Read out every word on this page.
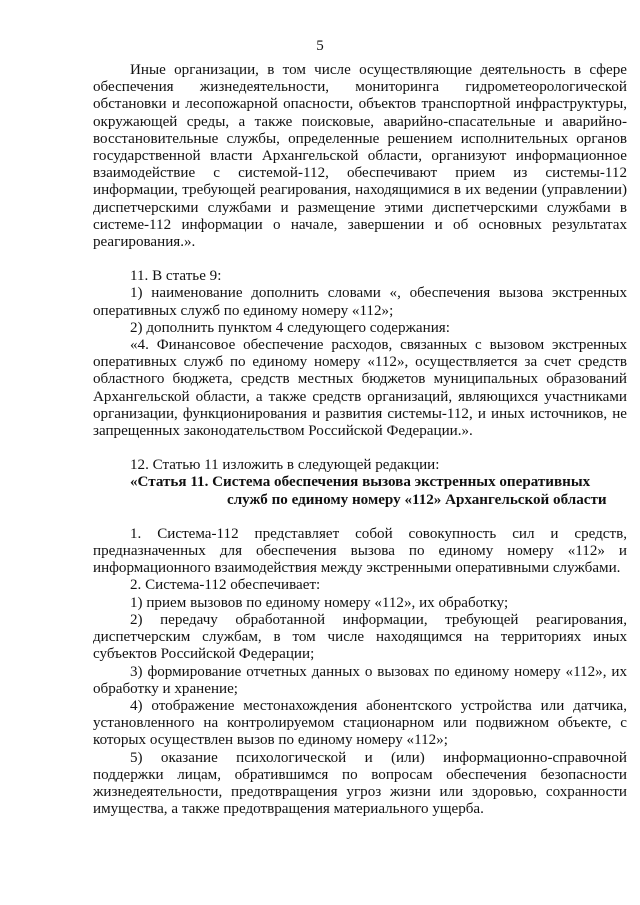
5

Иные организации, в том числе осуществляющие деятельность в сфере обеспечения жизнедеятельности, мониторинга гидрометеорологической обстановки и лесопожарной опасности, объектов транспортной инфраструктуры, окружающей среды, а также поисковые, аварийно-спасательные и аварийно-восстановительные службы, определенные решением исполнительных органов государственной власти Архангельской области, организуют информационное взаимодействие с системой-112, обеспечивают прием из системы-112 информации, требующей реагирования, находящимися в их ведении (управлении) диспетчерскими службами и размещение этими диспетчерскими службами в системе-112 информации о начале, завершении и об основных результатах реагирования.».

11. В статье 9:

1) наименование дополнить словами «, обеспечения вызова экстренных оперативных служб по единому номеру «112»;

2) дополнить пунктом 4 следующего содержания:

«4. Финансовое обеспечение расходов, связанных с вызовом экстренных оперативных служб по единому номеру «112», осуществляется за счет средств областного бюджета, средств местных бюджетов муниципальных образований Архангельской области, а также средств организаций, являющихся участниками организации, функционирования и развития системы-112, и иных источников, не запрещенных законодательством Российской Федерации.».

12. Статью 11 изложить в следующей редакции:

«Статья 11. Система обеспечения вызова экстренных оперативных
служб по единому номеру «112» Архангельской области

1. Система-112 представляет собой совокупность сил и средств, предназначенных для обеспечения вызова по единому номеру «112» и информационного взаимодействия между экстренными оперативными службами.

2. Система-112 обеспечивает:

1) прием вызовов по единому номеру «112», их обработку;

2) передачу обработанной информации, требующей реагирования, диспетчерским службам, в том числе находящимся на территориях иных субъектов Российской Федерации;

3) формирование отчетных данных о вызовах по единому номеру «112», их обработку и хранение;

4) отображение местонахождения абонентского устройства или датчика, установленного на контролируемом стационарном или подвижном объекте, с которых осуществлен вызов по единому номеру «112»;

5) оказание психологической и (или) информационно-справочной поддержки лицам, обратившимся по вопросам обеспечения безопасности жизнедеятельности, предотвращения угроз жизни или здоровью, сохранности имущества, а также предотвращения материального ущерба.
